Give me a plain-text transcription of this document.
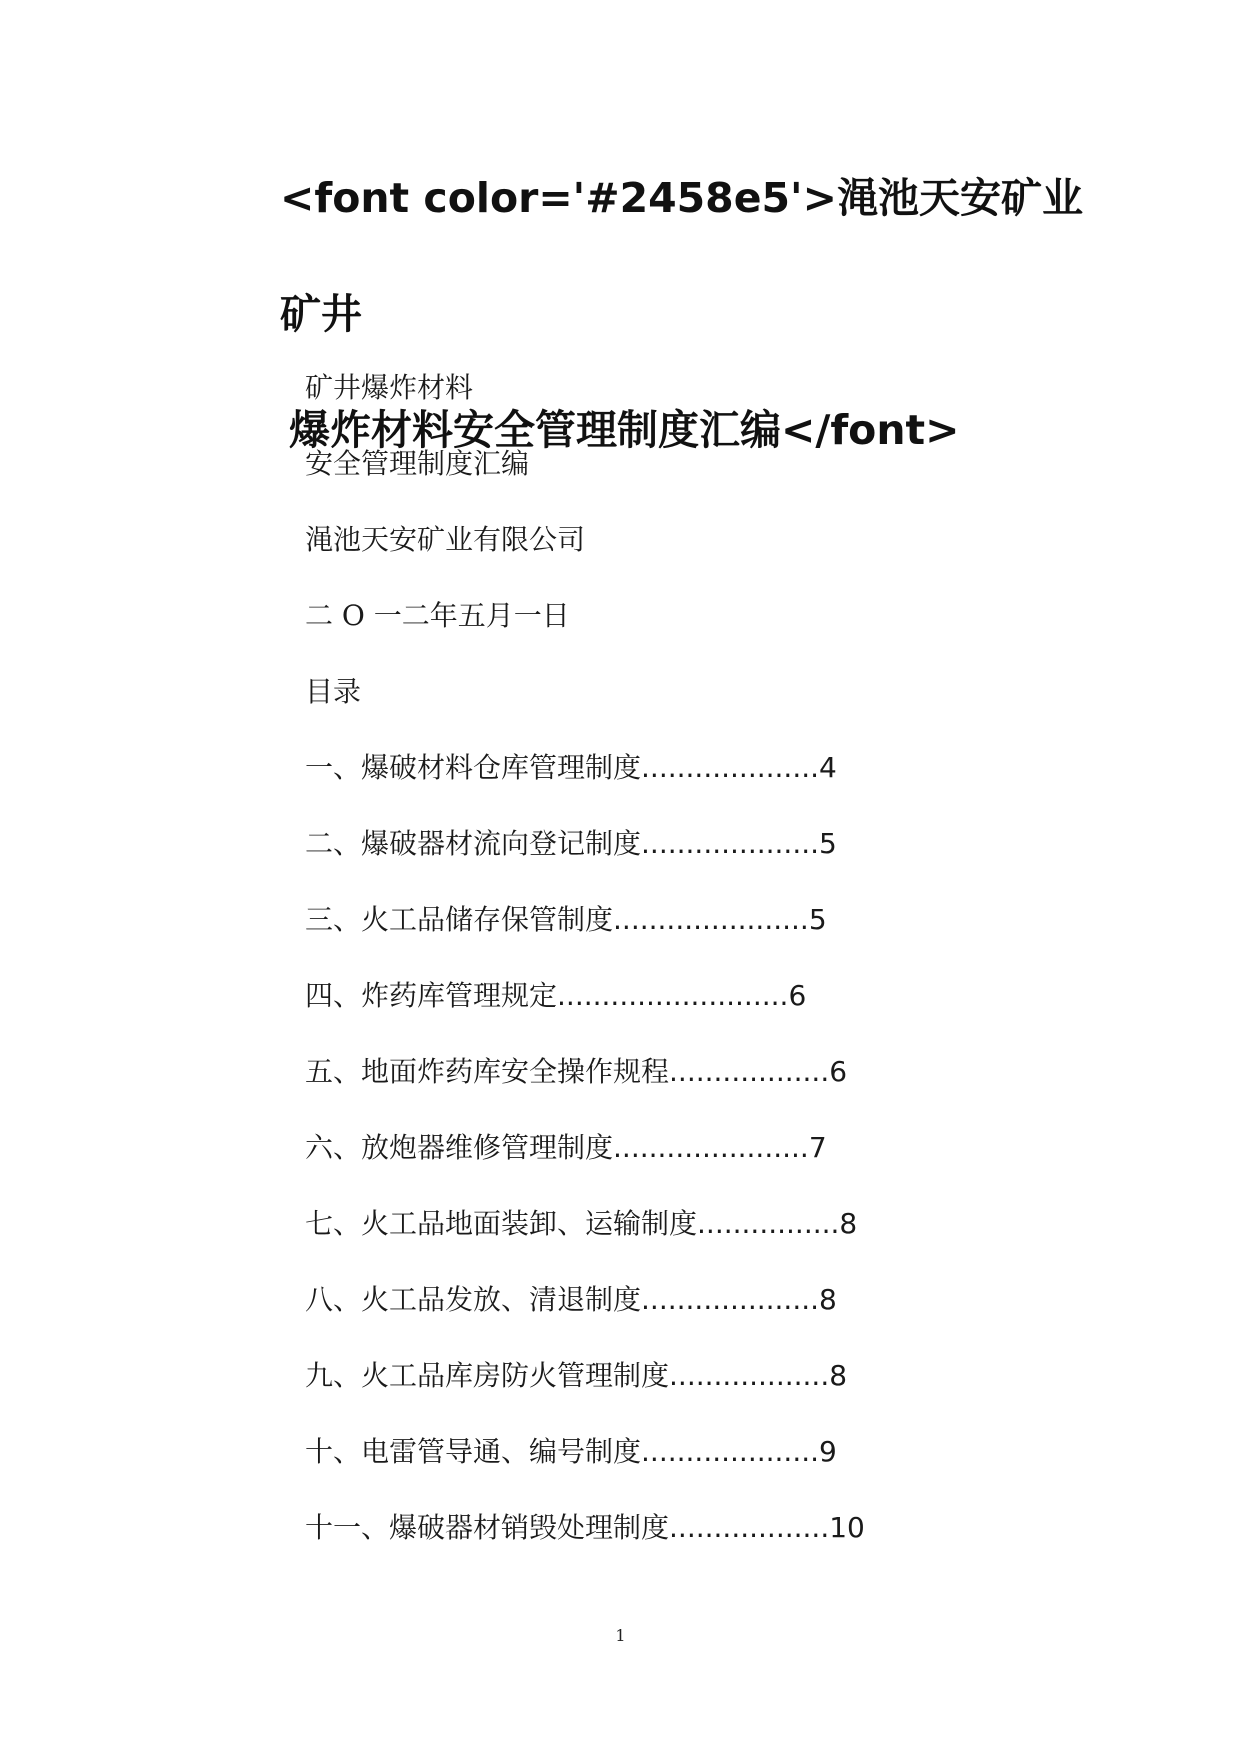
<font color='#2458e5'>渑池天安矿业矿井
爆炸材料安全管理制度汇编</font>
矿井爆炸材料
安全管理制度汇编
渑池天安矿业有限公司
二 O 一二年五月一日
目录
一、爆破材料仓库管理制度....................4
二、爆破器材流向登记制度....................5
三、火工品储存保管制度......................5
四、炸药库管理规定..........................6
五、地面炸药库安全操作规程..................6
六、放炮器维修管理制度......................7
七、火工品地面装卸、运输制度................8
八、火工品发放、清退制度....................8
九、火工品库房防火管理制度..................8
十、电雷管导通、编号制度....................9
十一、爆破器材销毁处理制度..................10
1
